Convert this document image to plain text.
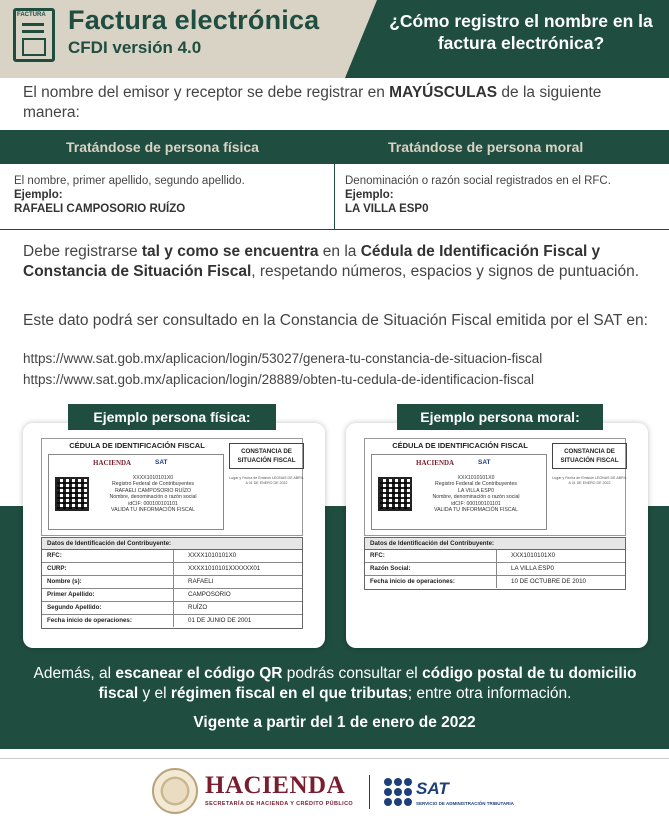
FACTURA Factura electrónica
CFDI versión 4.0
¿Cómo registro el nombre en la factura electrónica?
El nombre del emisor y receptor se debe registrar en MAYÚSCULAS de la siguiente manera:
Tratándose de persona física	Tratándose de persona moral
El nombre, primer apellido, segundo apellido.
Ejemplo:
RAFAELI CAMPOSORIO RUÍZO
Denominación o razón social registrados en el RFC.
Ejemplo:
LA VILLA ESP0
Debe registrarse tal y como se encuentra en la Cédula de Identificación Fiscal y Constancia de Situación Fiscal, respetando números, espacios y signos de puntuación.
Este dato podrá ser consultado en la Constancia de Situación Fiscal emitida por el SAT en:
https://www.sat.gob.mx/aplicacion/login/53027/genera-tu-constancia-de-situacion-fiscal
https://www.sat.gob.mx/aplicacion/login/28889/obten-tu-cedula-de-identificacion-fiscal
CÉDULA DE IDENTIFICACIÓN FISCAL
HACIENDA	SAT
XXXX1010101X0
Registro Federal de Contribuyentes
RAFAELI CAMPOSORIO RUÍZO
Nombre, denominación o razón social
idCIF: 000100101101
VALIDA TU INFORMACIÓN FISCAL
CONSTANCIA DE SITUACIÓN FISCAL
Lugar y Fecha de Emisión LEONAS DE ABRIL A 01 DE ENERO DE 2022
Datos de Identificación del Contribuyente:
RFC:	XXXX1010101X0
CURP:	XXXX1010101XXXXXX01
Nombre (s):	RAFAELI
Primer Apellido:	CAMPOSORIO
Segundo Apellido:	RUÍZO
Fecha inicio de operaciones:	01 DE JUNIO DE 2001
Ejemplo persona física:
CÉDULA DE IDENTIFICACIÓN FISCAL
HACIENDA	SAT
XXX1010101X0
Registro Federal de Contribuyentes
LA VILLA ESP0
Nombre, denominación o razón social
idCIF: 000100101101
VALIDA TU INFORMACIÓN FISCAL
CONSTANCIA DE SITUACIÓN FISCAL
Lugar y Fecha de Emisión LEONAS DE ABRIL A 01 DE ENERO DE 2022
Datos de Identificación del Contribuyente:
RFC:	XXX1010101X0
Razón Social:	LA VILLA ESP0
Fecha inicio de operaciones:	10 DE OCTUBRE DE 2010
Ejemplo persona moral:
Además, al escanear el código QR podrás consultar el código postal de tu domicilio fiscal y el régimen fiscal en el que tributas; entre otra información.
Vigente a partir del 1 de enero de 2022
HACIENDA
SECRETARÍA DE HACIENDA Y CRÉDITO PÚBLICO
SAT
SERVICIO DE ADMINISTRACIÓN TRIBUTARIA
